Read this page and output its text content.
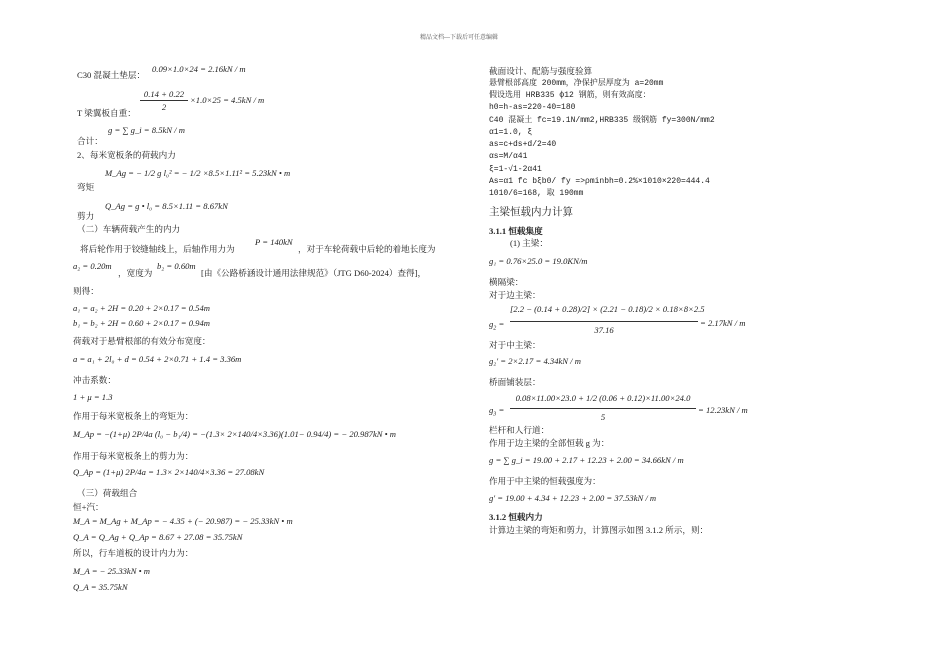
精品文档---下载后可任意编辑
0.09×1.0×24 = 2.16kN / m
C30 混凝土垫层：
0.14 + 0.22
2
×1.0×25 = 4.5kN / m
T 梁翼板自重：
g = ∑ g_i = 8.5kN / m
合计：
2、每米宽板条的荷载内力
M_Ag = − 1/2 g l₀² = − 1/2 ×8.5×1.11² = 5.23kN • m
弯矩
Q_Ag = g • l₀ = 8.5×1.11 = 8.67kN
剪力
（二）车辆荷载产生的内力
将后轮作用于铰缝轴线上，后轴作用力为
P = 140kN
，对于车轮荷载中后轮的着地长度为
a₂ = 0.20m
，宽度为
b₂ = 0.60m
[由《公路桥涵设计通用法律规范》（JTG D60-2024）查得]，
则得：
a₁ = a₂ + 2H = 0.20 + 2×0.17 = 0.54m
b₁ = b₂ + 2H = 0.60 + 2×0.17 = 0.94m
荷载对于悬臂根部的有效分布宽度：
a = a₁ + 2l₀ + d = 0.54 + 2×0.71 + 1.4 = 3.36m
冲击系数：
1 + μ = 1.3
作用于每米宽板条上的弯矩为：
M_Ap = −(1+μ) 2P/4a (l₀ − b₁/4) = −(1.3× 2×140/4×3.36)(1.01− 0.94/4) = − 20.987kN • m
作用于每米宽板条上的剪力为：
Q_Ap = (1+μ) 2P/4a = 1.3× 2×140/4×3.36 = 27.08kN
（三）荷载组合
恒+汽：
M_A = M_Ag + M_Ap = − 4.35 + (− 20.987) = − 25.33kN • m
Q_A = Q_Ag + Q_Ap = 8.67 + 27.08 = 35.75kN
所以，行车道板的设计内力为：
M_A = − 25.33kN • m
Q_A = 35.75kN
截面设计、配筋与强度验算
悬臂根部高度 200mm，净保护层厚度为 a=20mm
假设选用 HRB335 ф12 钢筋，则有效高度：
h0=h-as=220-40=180
C40 混凝土 fc=19.1N/mm2,HRB335 级钢筋 fy=300N/mm2
α1=1.0, ξ
as=c+ds+d/2=40
αs=M/α41
ξ=1-√1-2α41
As=α1 fc bξb0/ fy =>ρminbh=0.2%×1010×220=444.4
1010/6=168, 取 190mm
主梁恒载内力计算
3.1.1 恒载集度
(1) 主梁：
g₁ = 0.76×25.0 = 19.0KN/m
横隔梁：
对于边主梁：
$g_2$ =
[2.2 − (0.14 + 0.28)/2] × (2.21 − 0.18)/2 × 0.18×8×2.5
37.16
= 2.17kN / m
对于中主梁：
g₂' = 2×2.17 = 4.34kN / m
桥面铺装层：
$g_3$ =
0.08×11.00×23.0 + 1/2 (0.06 + 0.12)×11.00×24.0
5
= 12.23kN / m
栏杆和人行道：
作用于边主梁的全部恒载 g 为：
g = ∑ g_i = 19.00 + 2.17 + 12.23 + 2.00 = 34.66kN / m
作用于中主梁的恒载强度为：
g' = 19.00 + 4.34 + 12.23 + 2.00 = 37.53kN / m
3.1.2 恒载内力
计算边主梁的弯矩和剪力，计算图示如图 3.1.2 所示，则：
